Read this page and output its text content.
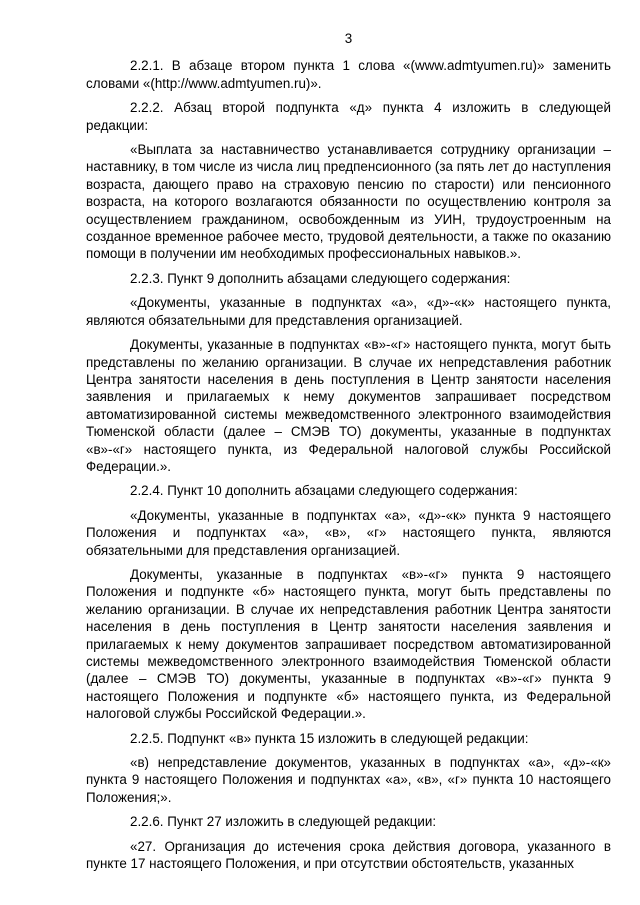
3

2.2.1. В абзаце втором пункта 1 слова «(www.admtyumen.ru)» заменить словами «(http://www.admtyumen.ru)».

2.2.2. Абзац второй подпункта «д» пункта 4 изложить в следующей редакции:

«Выплата за наставничество устанавливается сотруднику организации – наставнику, в том числе из числа лиц предпенсионного (за пять лет до наступления возраста, дающего право на страховую пенсию по старости) или пенсионного возраста, на которого возлагаются обязанности по осуществлению контроля за осуществлением гражданином, освобожденным из УИН, трудоустроенным на созданное временное рабочее место, трудовой деятельности, а также по оказанию помощи в получении им необходимых профессиональных навыков.».

2.2.3. Пункт 9 дополнить абзацами следующего содержания:

«Документы, указанные в подпунктах «а», «д»-«к» настоящего пункта, являются обязательными для представления организацией.

Документы, указанные в подпунктах «в»-«г» настоящего пункта, могут быть представлены по желанию организации. В случае их непредставления работник Центра занятости населения в день поступления в Центр занятости населения заявления и прилагаемых к нему документов запрашивает посредством автоматизированной системы межведомственного электронного взаимодействия Тюменской области (далее – СМЭВ ТО) документы, указанные в подпунктах «в»-«г» настоящего пункта, из Федеральной налоговой службы Российской Федерации.».

2.2.4. Пункт 10 дополнить абзацами следующего содержания:

«Документы, указанные в подпунктах «а», «д»-«к» пункта 9 настоящего Положения и подпунктах «а», «в», «г» настоящего пункта, являются обязательными для представления организацией.

Документы, указанные в подпунктах «в»-«г» пункта 9 настоящего Положения и подпункте «б» настоящего пункта, могут быть представлены по желанию организации. В случае их непредставления работник Центра занятости населения в день поступления в Центр занятости населения заявления и прилагаемых к нему документов запрашивает посредством автоматизированной системы межведомственного электронного взаимодействия Тюменской области (далее – СМЭВ ТО) документы, указанные в подпунктах «в»-«г» пункта 9 настоящего Положения и подпункте «б» настоящего пункта, из Федеральной налоговой службы Российской Федерации.».

2.2.5. Подпункт «в» пункта 15 изложить в следующей редакции:

«в) непредставление документов, указанных в подпунктах «а», «д»-«к» пункта 9 настоящего Положения и подпунктах «а», «в», «г» пункта 10 настоящего Положения;».

2.2.6. Пункт 27 изложить в следующей редакции:

«27. Организация до истечения срока действия договора, указанного в пункте 17 настоящего Положения, и при отсутствии обстоятельств, указанных
